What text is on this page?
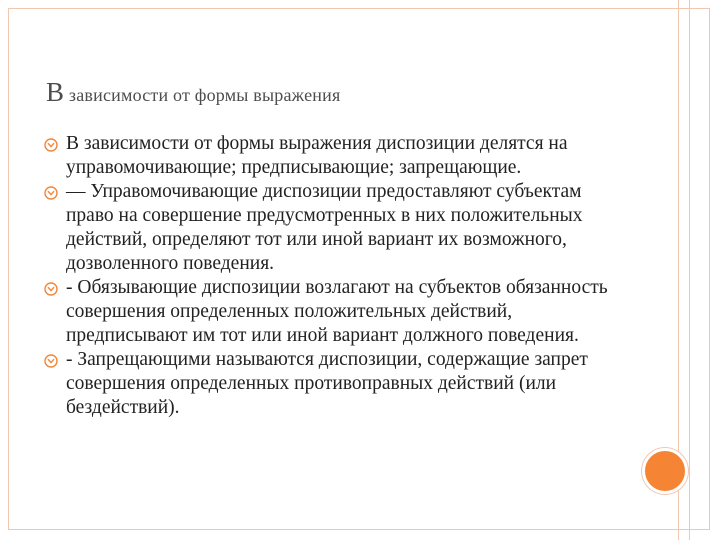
В зависимости от формы выражения
В зависимости от формы выражения диспозиции делятся на управомочивающие; предписывающие; запрещающие.
— Управомочивающие диспозиции предоставляют субъектам право на совершение предусмотренных в них положительных действий, определяют тот или иной вариант их возможного, дозволенного поведения.
- Обязывающие диспозиции возлагают на субъектов обязанность совершения определенных положительных действий, предписывают им тот или иной вариант должного поведения.
- Запрещающими называются диспозиции, содержащие запрет совершения определенных противоправных действий (или бездействий).
